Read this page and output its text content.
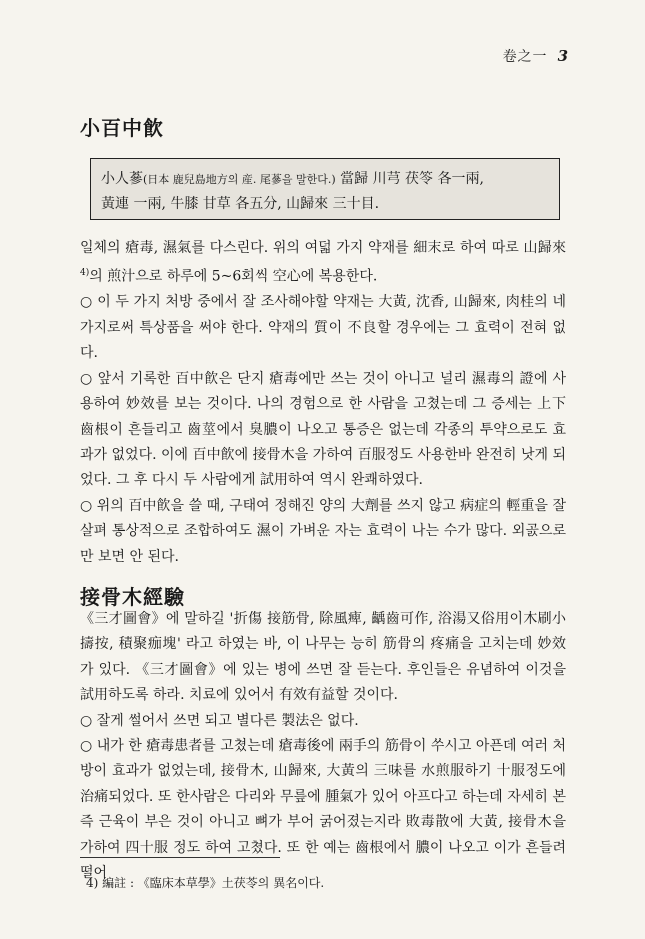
卷之一 3
小百中飮
小人蔘(日本 鹿兒島地方의 産. 尾蔘을 말한다.) 當歸 川芎 茯笭 各一兩,
黃連 一兩, 牛膝 甘草 各五分, 山歸來 三十目.

일체의 瘡毒, 濕氣를 다스린다. 위의 여덟 가지 약재를 細末로 하여 따로 山歸來$^{4)}$의 煎汁으로 하루에 5~6회씩 空心에 복용한다.

○ 이 두 가지 처방 중에서 잘 조사해야할 약재는 大黃, 沈香, 山歸來, 肉桂의 네 가지로써 특상품을 써야 한다. 약재의 質이 不良할 경우에는 그 효력이 전혀 없다.

○ 앞서 기록한 百中飮은 단지 瘡毒에만 쓰는 것이 아니고 널리 濕毒의 證에 사용하여 妙效를 보는 것이다. 나의 경험으로 한 사람을 고쳤는데 그 증세는 上下齒根이 흔들리고 齒莖에서 臭膿이 나오고 통증은 없는데 각종의 투약으로도 효과가 없었다. 이에 百中飮에 接骨木을 가하여 百服정도 사용한바 완전히 낫게 되었다. 그 후 다시 두 사람에게 試用하여 역시 완쾌하였다.

○ 위의 百中飮을 쓸 때, 구태여 정해진 양의 大劑를 쓰지 않고 病症의 輕重을 잘 살펴 통상적으로 조합하여도 濕이 가벼운 자는 효력이 나는 수가 많다. 외곬으로만 보면 안 된다.

接骨木經驗

《三才圖會》에 말하길 '折傷 接筋骨, 除風痺, 齲齒可作, 浴湯又俗用이木刷小擣按, 積聚痂塊' 라고 하였는 바, 이 나무는 능히 筋骨의 疼痛을 고치는데 妙效가 있다. 《三才圖會》에 있는 병에 쓰면 잘 듣는다. 후인들은 유념하여 이것을 試用하도록 하라. 치료에 있어서 有效有益할 것이다.

○ 잘게 썰어서 쓰면 되고 별다른 製法은 없다.

○ 내가 한 瘡毒患者를 고쳤는데 瘡毒後에 兩手의 筋骨이 쑤시고 아픈데 여러 처방이 효과가 없었는데, 接骨木, 山歸來, 大黃의 三味를 水煎服하기 十服정도에 治痛되었다. 또 한사람은 다리와 무릎에 腫氣가 있어 아프다고 하는데 자세히 본 즉 근육이 부은 것이 아니고 뼈가 부어 굵어졌는지라 敗毒散에 大黃, 接骨木을 가하여 四十服 정도 하여 고쳤다. 또 한 예는 齒根에서 膿이 나오고 이가 흔들려 떨어

4) 編註 : 《臨床本草學》土茯苓의 異名이다.
